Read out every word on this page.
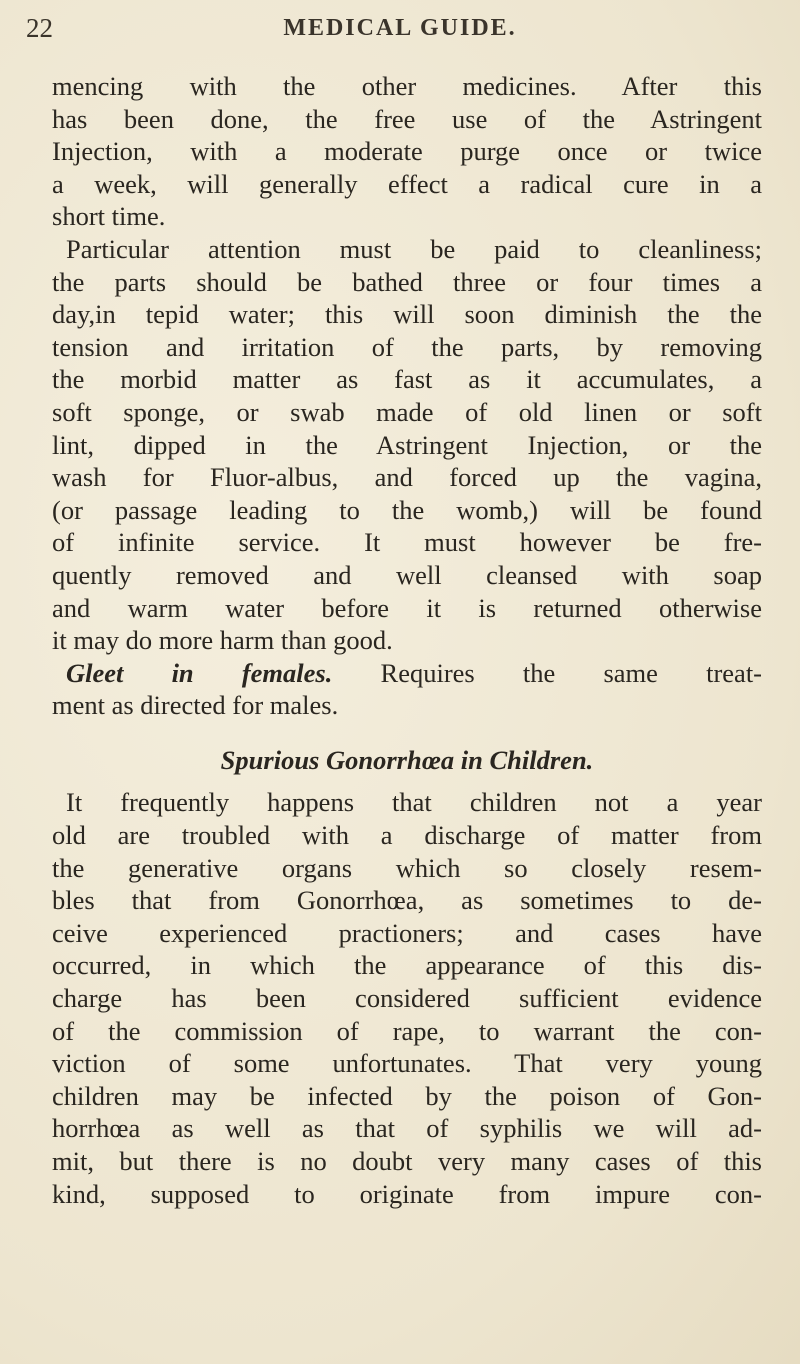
22	MEDICAL GUIDE.
mencing with the other medicines. After this
has been done, the free use of the Astringent
Injection, with a moderate purge once or twice
a week, will generally effect a radical cure in a
short time.
Particular attention must be paid to cleanliness;
the parts should be bathed three or four times a
day,in tepid water; this will soon diminish the the
tension and irritation of the parts, by removing
the morbid matter as fast as it accumulates, a
soft sponge, or swab made of old linen or soft
lint, dipped in the Astringent Injection, or the
wash for Fluor-albus, and forced up the vagina,
(or passage leading to the womb,) will be found
of infinite service. It must however be fre-
quently removed and well cleansed with soap
and warm water before it is returned otherwise
it may do more harm than good.
Gleet in females. Requires the same treat-
ment as directed for males.
Spurious Gonorrhœa in Children.
It frequently happens that children not a year
old are troubled with a discharge of matter from
the generative organs which so closely resem-
bles that from Gonorrhœa, as sometimes to de-
ceive experienced practioners; and cases have
occurred, in which the appearance of this dis-
charge has been considered sufficient evidence
of the commission of rape, to warrant the con-
viction of some unfortunates. That very young
children may be infected by the poison of Gon-
horrhœa as well as that of syphilis we will ad-
mit, but there is no doubt very many cases of this
kind, supposed to originate from impure con-
